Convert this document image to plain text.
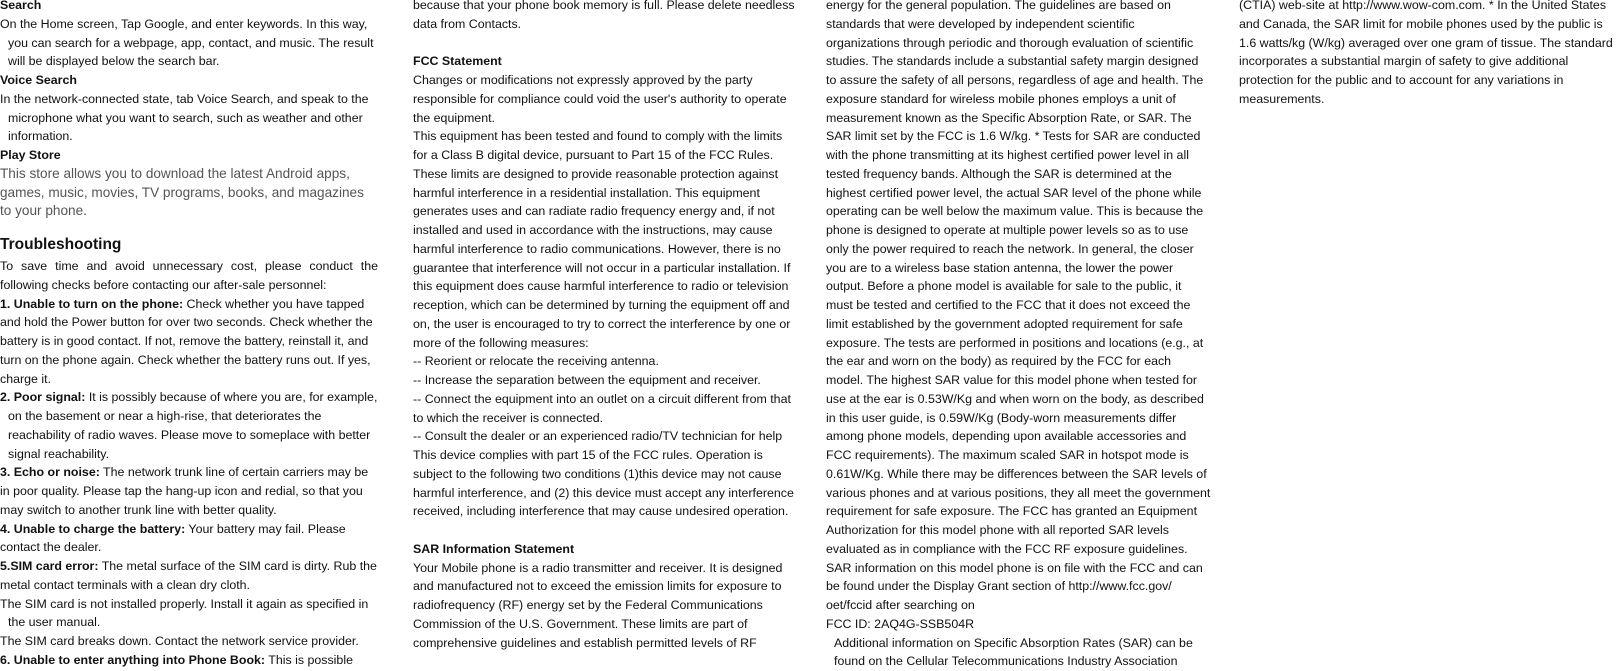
Search

On the Home screen, Tap Google, and enter keywords. In this way,

you can search for a webpage, app, contact, and music. The result

will be displayed below the search bar.

Voice Search

In the network-connected state, tab Voice Search, and speak to the

microphone what you want to search, such as weather and other

information.

Play Store

This store allows you to download the latest Android apps, games, music, movies, TV programs, books, and magazines to your phone.

Troubleshooting

To save time and avoid unnecessary cost, please conduct the following checks before contacting our after-sale personnel:

1. Unable to turn on the phone: Check whether you have tapped and hold the Power button for over two seconds. Check whether the battery is in good contact. If not, remove the battery, reinstall it, and turn on the phone again. Check whether the battery runs out. If yes, charge it.

2. Poor signal: It is possibly because of where you are, for example,

on the basement or near a high-rise, that deteriorates the

reachability of radio waves. Please move to someplace with better

signal reachability.

3. Echo or noise: The network trunk line of certain carriers may be in poor quality. Please tap the hang-up icon and redial, so that you may switch to another trunk line with better quality.

4. Unable to charge the battery: Your battery may fail. Please contact the dealer.

5.SIM card error: The metal surface of the SIM card is dirty. Rub the metal contact terminals with a clean dry cloth.

The SIM card is not installed properly. Install it again as specified in

the user manual.

The SIM card breaks down. Contact the network service provider.

6. Unable to enter anything into Phone Book: This is possible

because that your phone book memory is full. Please delete needless data from Contacts.

FCC Statement

Changes or modifications not expressly approved by the party responsible for compliance could void the user's authority to operate the equipment.

This equipment has been tested and found to comply with the limits for a Class B digital device, pursuant to Part 15 of the FCC Rules. These limits are designed to provide reasonable protection against harmful interference in a residential installation. This equipment generates uses and can radiate radio frequency energy and, if not installed and used in accordance with the instructions, may cause harmful interference to radio communications. However, there is no guarantee that interference will not occur in a particular installation. If this equipment does cause harmful interference to radio or television reception, which can be determined by turning the equipment off and on, the user is encouraged to try to correct the interference by one or more of the following measures:

-- Reorient or relocate the receiving antenna.

-- Increase the separation between the equipment and receiver.

-- Connect the equipment into an outlet on a circuit different from that to which the receiver is connected.

-- Consult the dealer or an experienced radio/TV technician for help

This device complies with part 15 of the FCC rules. Operation is subject to the following two conditions (1)this device may not cause harmful interference, and (2) this device must accept any interference received, including interference that may cause undesired operation.

SAR Information Statement

Your Mobile phone is a radio transmitter and receiver. It is designed and manufactured not to exceed the emission limits for exposure to radiofrequency (RF) energy set by the Federal Communications Commission of the U.S. Government. These limits are part of comprehensive guidelines and establish permitted levels of RF

energy for the general population. The guidelines are based on standards that were developed by independent scientific organizations through periodic and thorough evaluation of scientific studies. The standards include a substantial safety margin designed to assure the safety of all persons, regardless of age and health. The exposure standard for wireless mobile phones employs a unit of measurement known as the Specific Absorption Rate, or SAR. The SAR limit set by the FCC is 1.6 W/kg. * Tests for SAR are conducted with the phone transmitting at its highest certified power level in all tested frequency bands. Although the SAR is determined at the highest certified power level, the actual SAR level of the phone while operating can be well below the maximum value. This is because the phone is designed to operate at multiple power levels so as to use only the power required to reach the network. In general, the closer you are to a wireless base station antenna, the lower the power output. Before a phone model is available for sale to the public, it must be tested and certified to the FCC that it does not exceed the limit established by the government adopted requirement for safe exposure. The tests are performed in positions and locations (e.g., at the ear and worn on the body) as required by the FCC for each model. The highest SAR value for this model phone when tested for use at the ear is 0.53W/Kg and when worn on the body, as described in this user guide, is 0.59W/Kg (Body-worn measurements differ among phone models, depending upon available accessories and FCC requirements). The maximum scaled SAR in hotspot mode is 0.61W/Kg. While there may be differences between the SAR levels of various phones and at various positions, they all meet the government requirement for safe exposure. The FCC has granted an Equipment Authorization for this model phone with all reported SAR levels evaluated as in compliance with the FCC RF exposure guidelines. SAR information on this model phone is on file with the FCC and can be found under the Display Grant section of http://www.fcc.gov/ oet/fccid after searching on

FCC ID: 2AQ4G-SSB504R

Additional information on Specific Absorption Rates (SAR) can be found on the Cellular Telecommunications Industry Association

(CTIA) web-site at http://www.wow-com.com. * In the United States and Canada, the SAR limit for mobile phones used by the public is 1.6 watts/kg (W/kg) averaged over one gram of tissue. The standard incorporates a substantial margin of safety to give additional protection for the public and to account for any variations in measurements.
